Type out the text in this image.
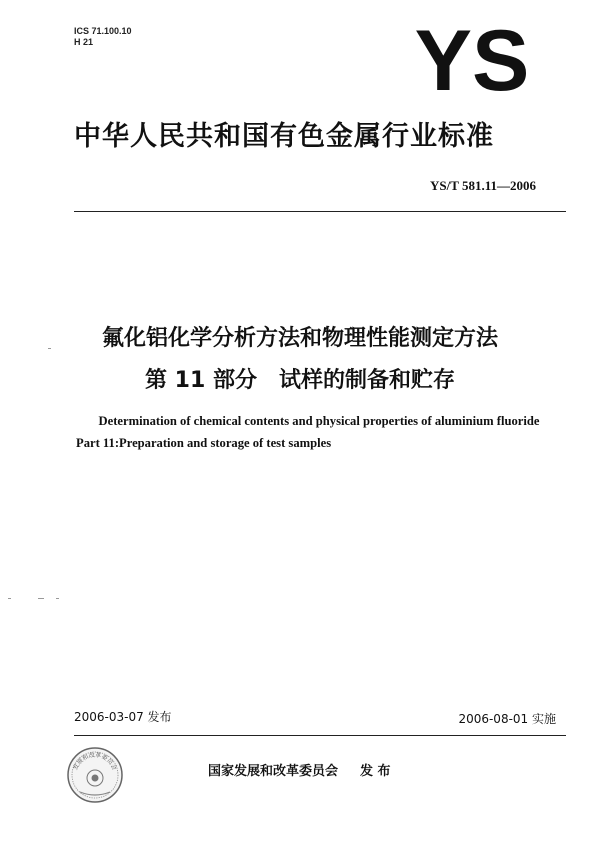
ICS 71.100.10
H 21	YS
中华人民共和国有色金属行业标准
YS/T 581.11—2006
氟化铝化学分析方法和物理性能测定方法
第 11 部分 试样的制备和贮存
Determination of chemical contents and physical properties of aluminium fluoride
Part 11:Preparation and storage of test samples
2006-03-07 发布	2006-08-01 实施
发展和改革委员会	国家发展和改革委员会 发 布
